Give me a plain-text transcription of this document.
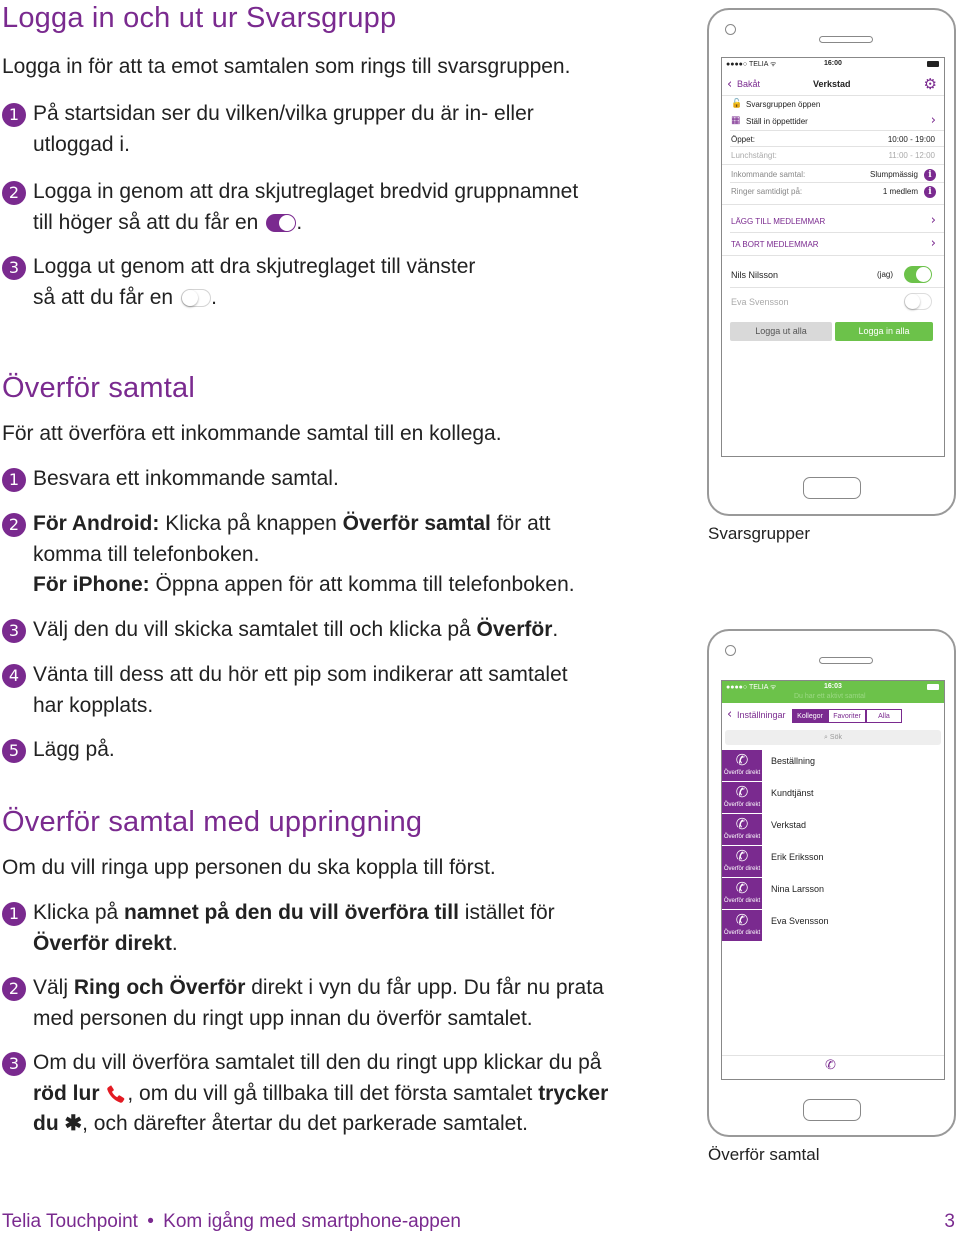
Logga in och ut ur Svarsgrupp
Logga in för att ta emot samtalen som rings till svarsgruppen.
1 På startsidan ser du vilken/vilka grupper du är in- eller
utloggad i.
2 Logga in genom att dra skjutreglaget bredvid gruppnamnet
till höger så att du får en .
3 Logga ut genom att dra skjutreglaget till vänster
så att du får en .
Överför samtal
För att överföra ett inkommande samtal till en kollega.
1 Besvara ett inkommande samtal.
2 För Android: Klicka på knappen Överför samtal för att
komma till telefonboken.
För iPhone: Öppna appen för att komma till telefonboken.
3 Välj den du vill skicka samtalet till och klicka på Överför.
4 Vänta till dess att du hör ett pip som indikerar att samtalet
har kopplats.
5 Lägg på.
Överför samtal med uppringning
Om du vill ringa upp personen du ska koppla till först.
1 Klicka på namnet på den du vill överföra till istället för
Överför direkt.
2 Välj Ring och Överför direkt i vyn du får upp. Du får nu prata
med personen du ringt upp innan du överför samtalet.
3 Om du vill överföra samtalet till den du ringt upp klickar du på
röd lur , om du vill gå tillbaka till det första samtalet trycker
du ✱, och därefter återtar du det parkerade samtalet.
●●●●○ TELIA ᯤ	16:00
‹ Bakåt	Verkstad	⚙
🔓 Svarsgruppen öppen
▦ Ställ in öppettider	›
Öppet:	10:00 - 19:00
Lunchstängt:	11:00 - 12:00
Inkommande samtal:	Slumpmässig	i
Ringer samtidigt på:	1 medlem	i
LÄGG TILL MEDLEMMAR	›
TA BORT MEDLEMMAR	›
Nils Nilsson	(jag)
Eva Svensson
Logga ut alla	Logga in alla
Svarsgrupper
●●●●○ TELIA ᯤ	16:03
Du har ett aktivt samtal
‹ Inställningar	Kollegor	Favoriter	Alla
⌕ Sök
✆
Överför direkt
Beställning
✆
Överför direkt
Kundtjänst
✆
Överför direkt
Verkstad
✆
Överför direkt
Erik Eriksson
✆
Överför direkt
Nina Larsson
✆
Överför direkt
Eva Svensson
✆
Överför samtal
Telia Touchpoint • Kom igång med smartphone-appen	3
